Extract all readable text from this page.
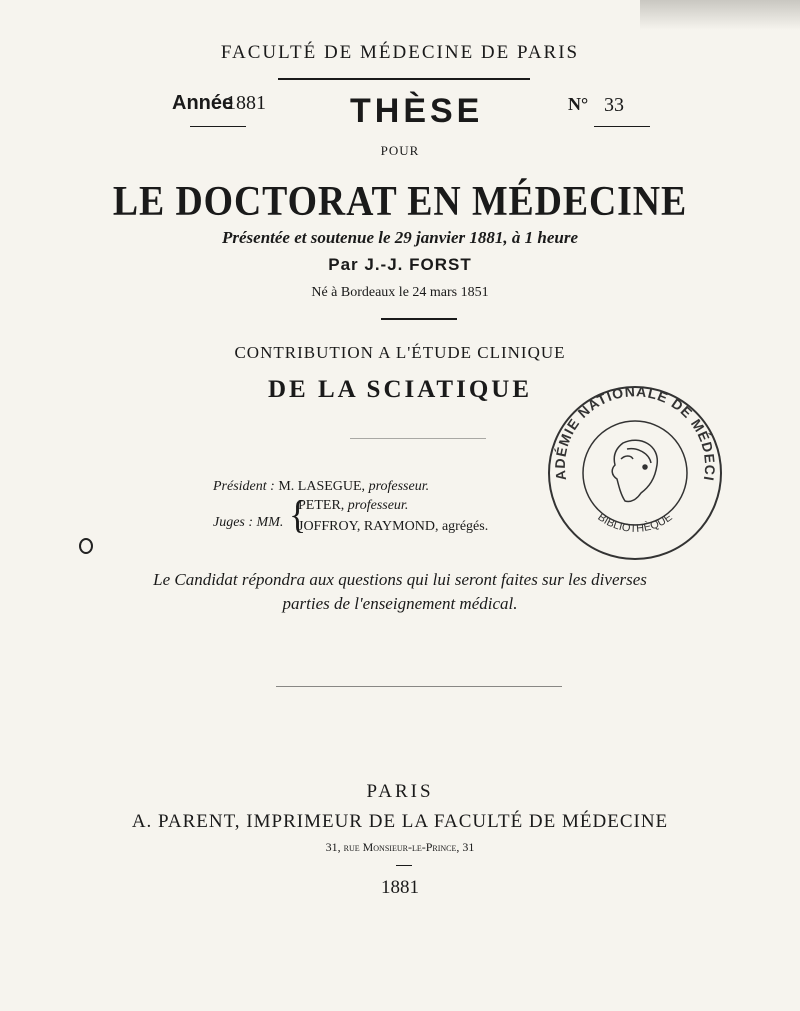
FACULTÉ DE MÉDECINE DE PARIS
Année
1881 THÈSE	N° 33
POUR
LE DOCTORAT EN MÉDECINE
Présentée et soutenue le 29 janvier 1881, à 1 heure
Par J.-J. FORST
Né à Bordeaux le 24 mars 1851
CONTRIBUTION A L'ÉTUDE CLINIQUE
DE LA SCIATIQUE
ADÉMIE NATIONALE DE MÉDECI
BIBLIOTHÈQUE
Président : M. LASEGUE, professeur.
Juges : MM. {
PETER, professeur.
JOFFROY, RAYMOND, agrégés.
Le Candidat répondra aux questions qui lui seront faites sur les diverses
parties de l'enseignement médical.
PARIS
A. PARENT, IMPRIMEUR DE LA FACULTÉ DE MÉDECINE
31, rue Monsieur-le-Prince, 31
1881
